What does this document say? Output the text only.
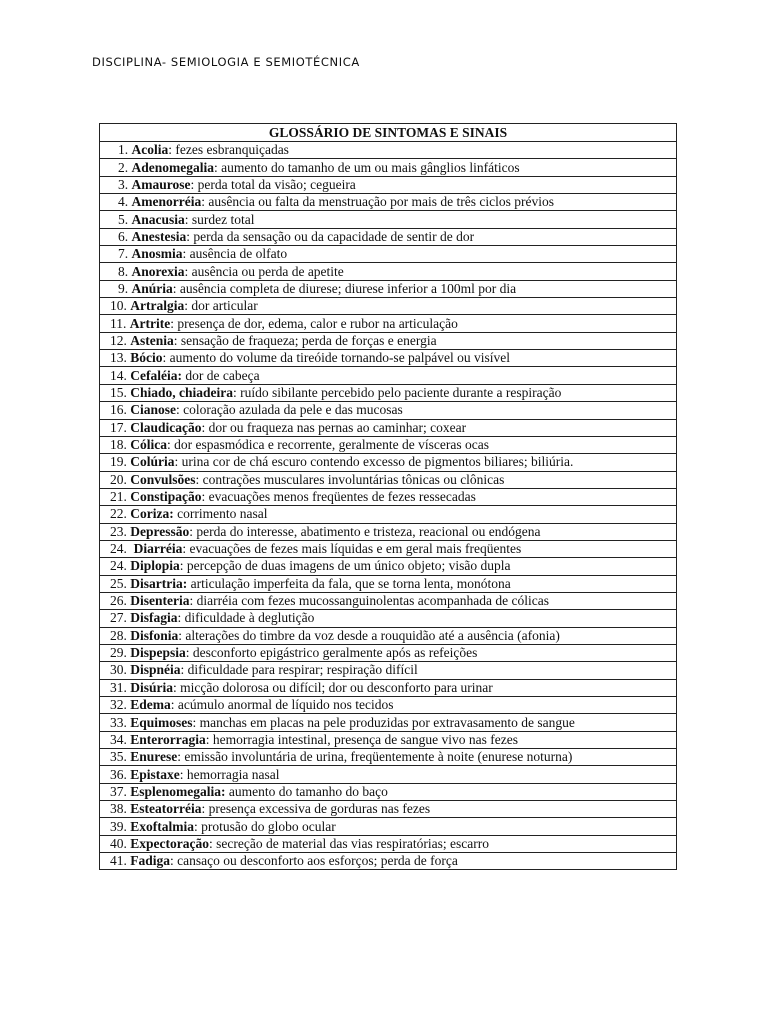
DISCIPLINA- SEMIOLOGIA E SEMIOTÉCNICA
GLOSSÁRIO DE SINTOMAS E SINAIS
1. Acolia: fezes esbranquiçadas
2. Adenomegalia: aumento do tamanho de um ou mais gânglios linfáticos
3. Amaurose: perda total da visão; cegueira
4. Amenorréia: ausência ou falta da menstruação por mais de três ciclos prévios
5. Anacusia: surdez total
6. Anestesia: perda da sensação ou da capacidade de sentir de dor
7. Anosmia: ausência de olfato
8. Anorexia: ausência ou perda de apetite
9. Anúria: ausência completa de diurese; diurese inferior a 100ml por dia
10. Artralgia: dor articular
11. Artrite: presença de dor, edema, calor e rubor na articulação
12. Astenia: sensação de fraqueza; perda de forças e energia
13. Bócio: aumento do volume da tireóide tornando-se palpável ou visível
14. Cefaléia: dor de cabeça
15. Chiado, chiadeira: ruído sibilante percebido pelo paciente durante a respiração
16. Cianose: coloração azulada da pele e das mucosas
17. Claudicação: dor ou fraqueza nas pernas ao caminhar; coxear
18. Cólica: dor espasmódica e recorrente, geralmente de vísceras ocas
19. Colúria: urina cor de chá escuro contendo excesso de pigmentos biliares; biliúria.
20. Convulsões: contrações musculares involuntárias tônicas ou clônicas
21. Constipação: evacuações menos freqüentes de fezes ressecadas
22. Coriza: corrimento nasal
23. Depressão: perda do interesse, abatimento e tristeza, reacional ou endógena
24. Diarréia: evacuações de fezes mais líquidas e em geral mais freqüentes
24. Diplopia: percepção de duas imagens de um único objeto; visão dupla
25. Disartria: articulação imperfeita da fala, que se torna lenta, monótona
26. Disenteria: diarréia com fezes mucossanguinolentas acompanhada de cólicas
27. Disfagia: dificuldade à deglutição
28. Disfonia: alterações do timbre da voz desde a rouquidão até a ausência (afonia)
29. Dispepsia: desconforto epigástrico geralmente após as refeições
30. Dispnéia: dificuldade para respirar; respiração difícil
31. Disúria: micção dolorosa ou difícil; dor ou desconforto para urinar
32. Edema: acúmulo anormal de líquido nos tecidos
33. Equimoses: manchas em placas na pele produzidas por extravasamento de sangue
34. Enterorragia: hemorragia intestinal, presença de sangue vivo nas fezes
35. Enurese: emissão involuntária de urina, freqüentemente à noite (enurese noturna)
36. Epistaxe: hemorragia nasal
37. Esplenomegalia: aumento do tamanho do baço
38. Esteatorréia: presença excessiva de gorduras nas fezes
39. Exoftalmia: protusão do globo ocular
40. Expectoração: secreção de material das vias respiratórias; escarro
41. Fadiga: cansaço ou desconforto aos esforços; perda de força
